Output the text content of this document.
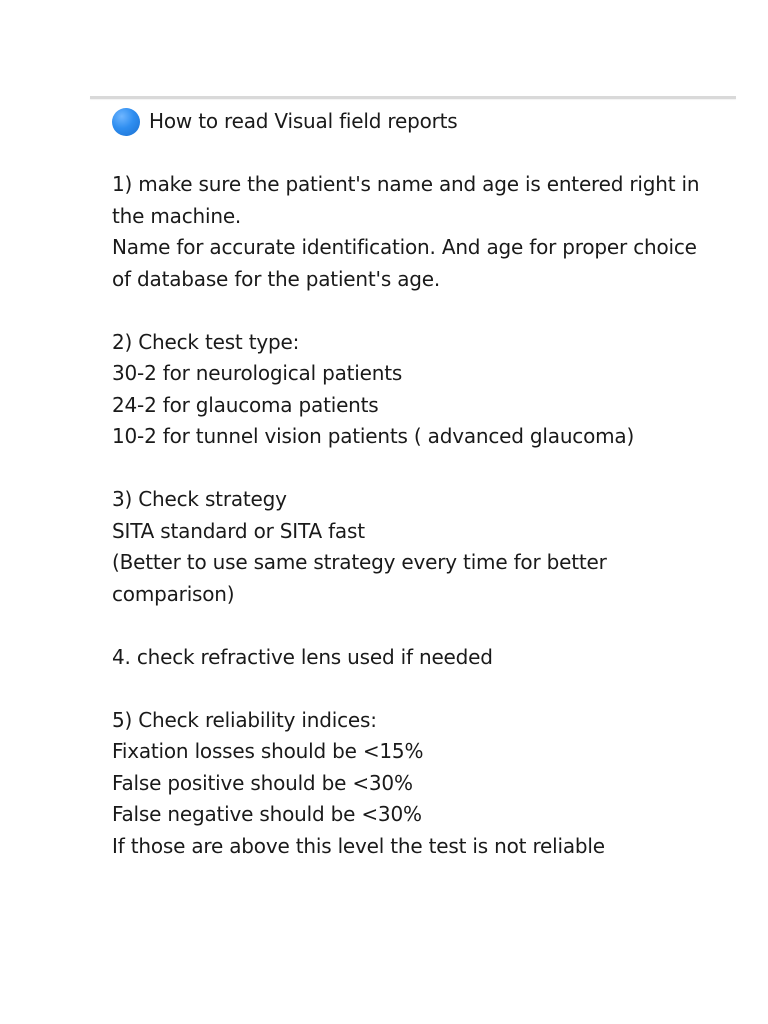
How to read Visual field reports
1) make sure the patient's name and age is entered right in
the machine.
Name for accurate identification. And age for proper choice
of database for the patient's age.
2) Check test type:
30-2 for neurological patients
24-2 for glaucoma patients
10-2 for tunnel vision patients ( advanced glaucoma)
3) Check strategy
SITA standard or SITA fast
(Better to use same strategy every time for better
comparison)
4. check refractive lens used if needed
5) Check reliability indices:
Fixation losses should be <15%
False positive should be <30%
False negative should be <30%
If those are above this level the test is not reliable
